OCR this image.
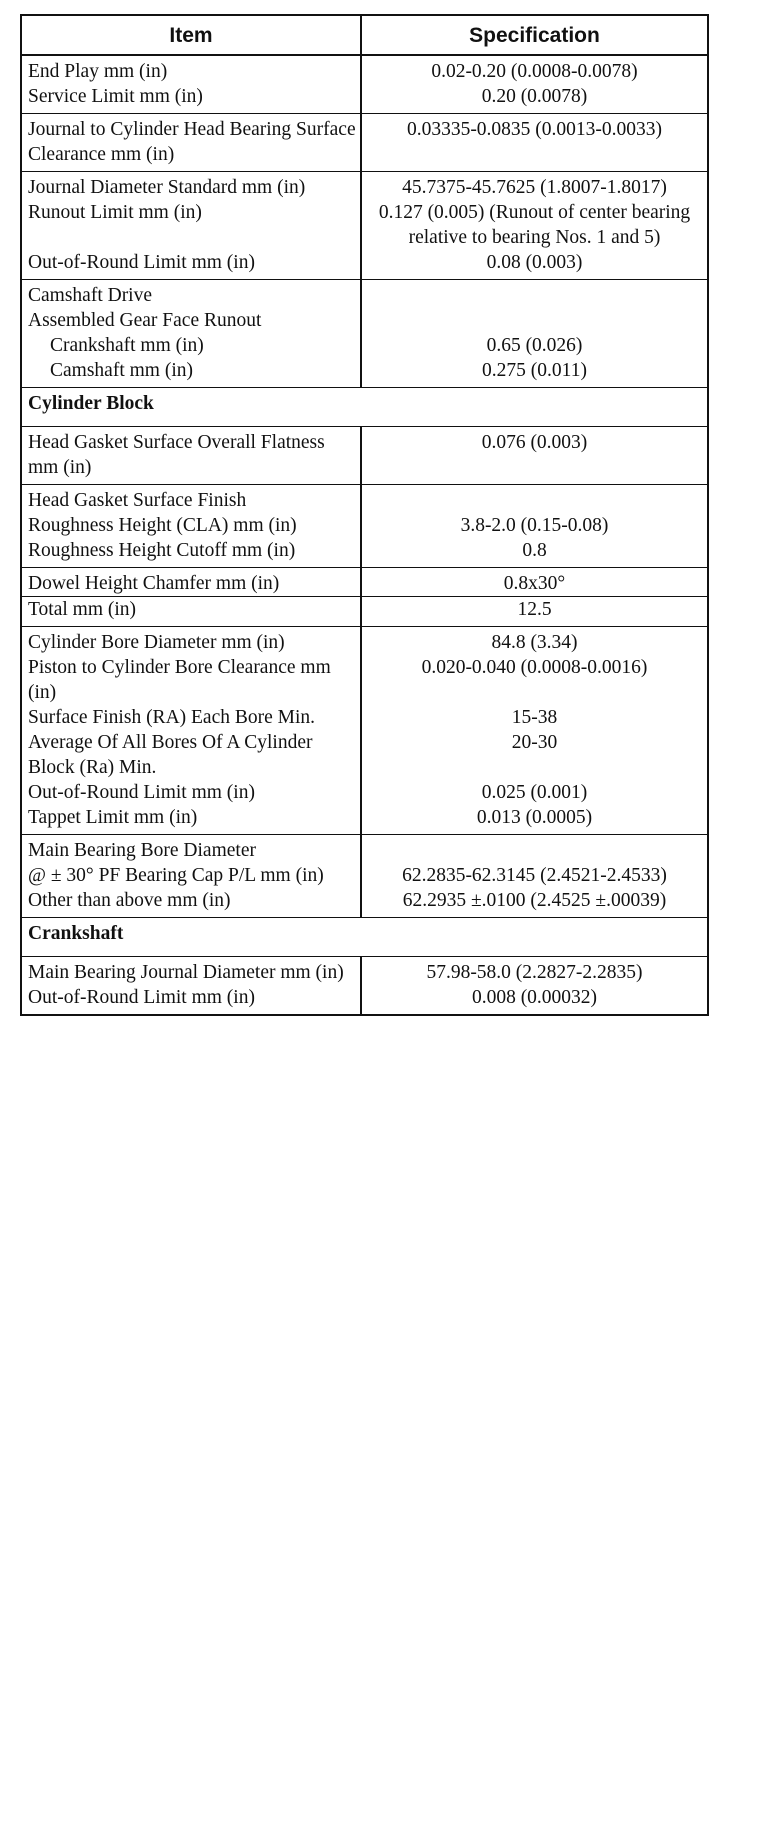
Item	Specification
End Play mm (in)	0.02-0.20 (0.0008-0.0078)
Service Limit mm (in)	0.20 (0.0078)
Journal to Cylinder Head Bearing Surface Clearance mm (in)	0.03335-0.0835 (0.0013-0.0033)
Journal Diameter Standard mm (in)	45.7375-45.7625 (1.8007-1.8017)
Runout Limit mm (in)	0.127 (0.005) (Runout of center bearing relative to bearing Nos. 1 and 5)
Out-of-Round Limit mm (in)	0.08 (0.003)
Camshaft Drive	
Assembled Gear Face Runout	
Crankshaft mm (in)	0.65 (0.026)
Camshaft mm (in)	0.275 (0.011)
Cylinder Block	
Head Gasket Surface Overall Flatness mm (in)	0.076 (0.003)
Head Gasket Surface Finish	
Roughness Height (CLA) mm (in)	3.8-2.0 (0.15-0.08)
Roughness Height Cutoff mm (in)	0.8
Dowel Height Chamfer mm (in)	0.8x30°
Total mm (in)	12.5
Cylinder Bore Diameter mm (in)	84.8 (3.34)
Piston to Cylinder Bore Clearance mm (in)	0.020-0.040 (0.0008-0.0016)
Surface Finish (RA) Each Bore Min.	15-38
Average Of All Bores Of A Cylinder Block (Ra) Min.	20-30
Out-of-Round Limit mm (in)	0.025 (0.001)
Tappet Limit mm (in)	0.013 (0.0005)
Main Bearing Bore Diameter	
@ ± 30° PF Bearing Cap P/L mm (in)	62.2835-62.3145 (2.4521-2.4533)
Other than above mm (in)	62.2935 ±.0100 (2.4525 ±.00039)
Crankshaft	
Main Bearing Journal Diameter mm (in)	57.98-58.0 (2.2827-2.2835)
Out-of-Round Limit mm (in)	0.008 (0.00032)
